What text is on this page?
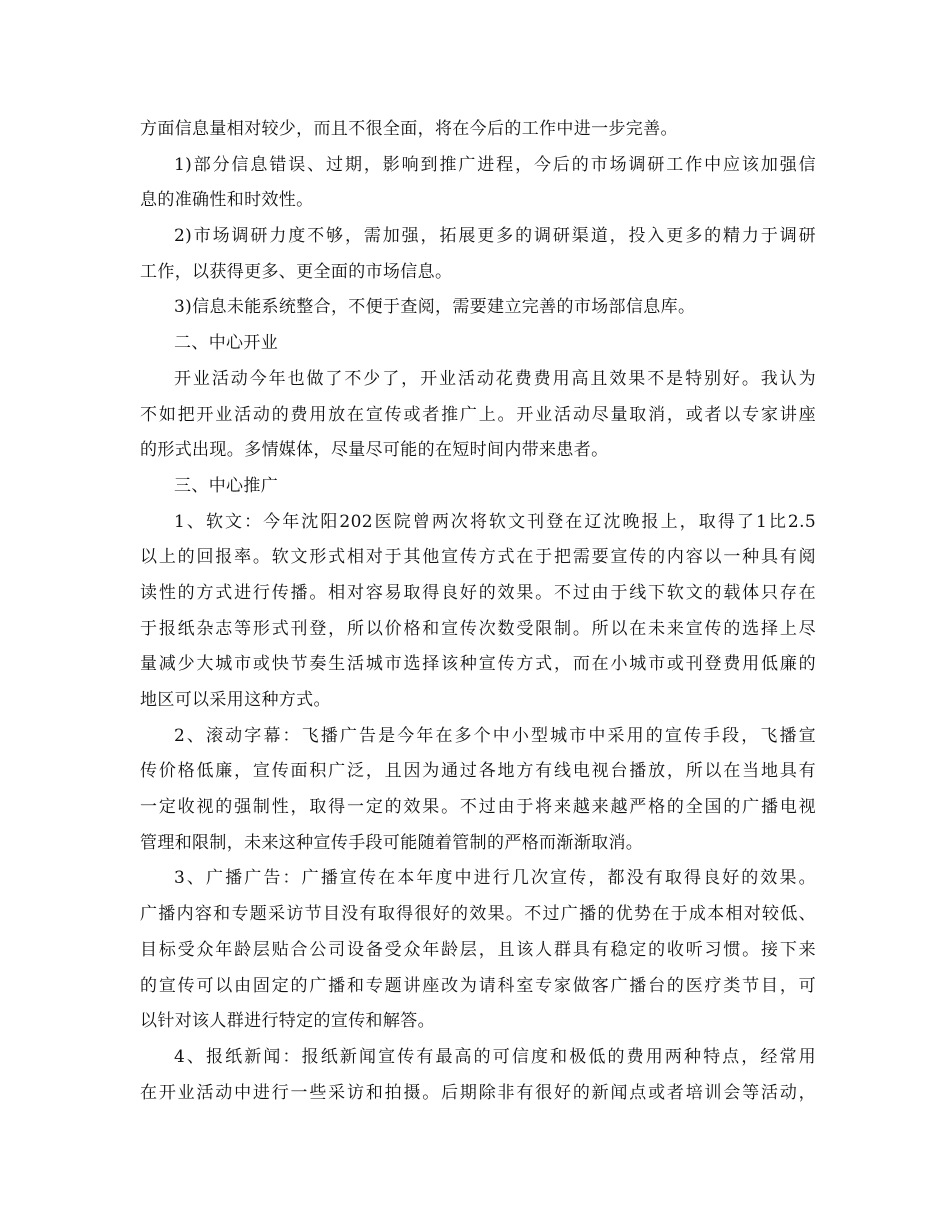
方面信息量相对较少，而且不很全面，将在今后的工作中进一步完善。
1)部分信息错误、过期，影响到推广进程，今后的市场调研工作中应该加强信
息的准确性和时效性。
2)市场调研力度不够，需加强，拓展更多的调研渠道，投入更多的精力于调研
工作，以获得更多、更全面的市场信息。
3)信息未能系统整合，不便于查阅，需要建立完善的市场部信息库。
二、中心开业
开业活动今年也做了不少了，开业活动花费费用高且效果不是特别好。我认为
不如把开业活动的费用放在宣传或者推广上。开业活动尽量取消，或者以专家讲座
的形式出现。多情媒体，尽量尽可能的在短时间内带来患者。
三、中心推广
1、软文：今年沈阳202医院曾两次将软文刊登在辽沈晚报上，取得了1比2.5
以上的回报率。软文形式相对于其他宣传方式在于把需要宣传的内容以一种具有阅
读性的方式进行传播。相对容易取得良好的效果。不过由于线下软文的载体只存在
于报纸杂志等形式刊登，所以价格和宣传次数受限制。所以在未来宣传的选择上尽
量减少大城市或快节奏生活城市选择该种宣传方式，而在小城市或刊登费用低廉的
地区可以采用这种方式。
2、滚动字幕：飞播广告是今年在多个中小型城市中采用的宣传手段，飞播宣
传价格低廉，宣传面积广泛，且因为通过各地方有线电视台播放，所以在当地具有
一定收视的强制性，取得一定的效果。不过由于将来越来越严格的全国的广播电视
管理和限制，未来这种宣传手段可能随着管制的严格而渐渐取消。
3、广播广告：广播宣传在本年度中进行几次宣传，都没有取得良好的效果。
广播内容和专题采访节目没有取得很好的效果。不过广播的优势在于成本相对较低、
目标受众年龄层贴合公司设备受众年龄层，且该人群具有稳定的收听习惯。接下来
的宣传可以由固定的广播和专题讲座改为请科室专家做客广播台的医疗类节目，可
以针对该人群进行特定的宣传和解答。
4、报纸新闻：报纸新闻宣传有最高的可信度和极低的费用两种特点，经常用
在开业活动中进行一些采访和拍摄。后期除非有很好的新闻点或者培训会等活动，
